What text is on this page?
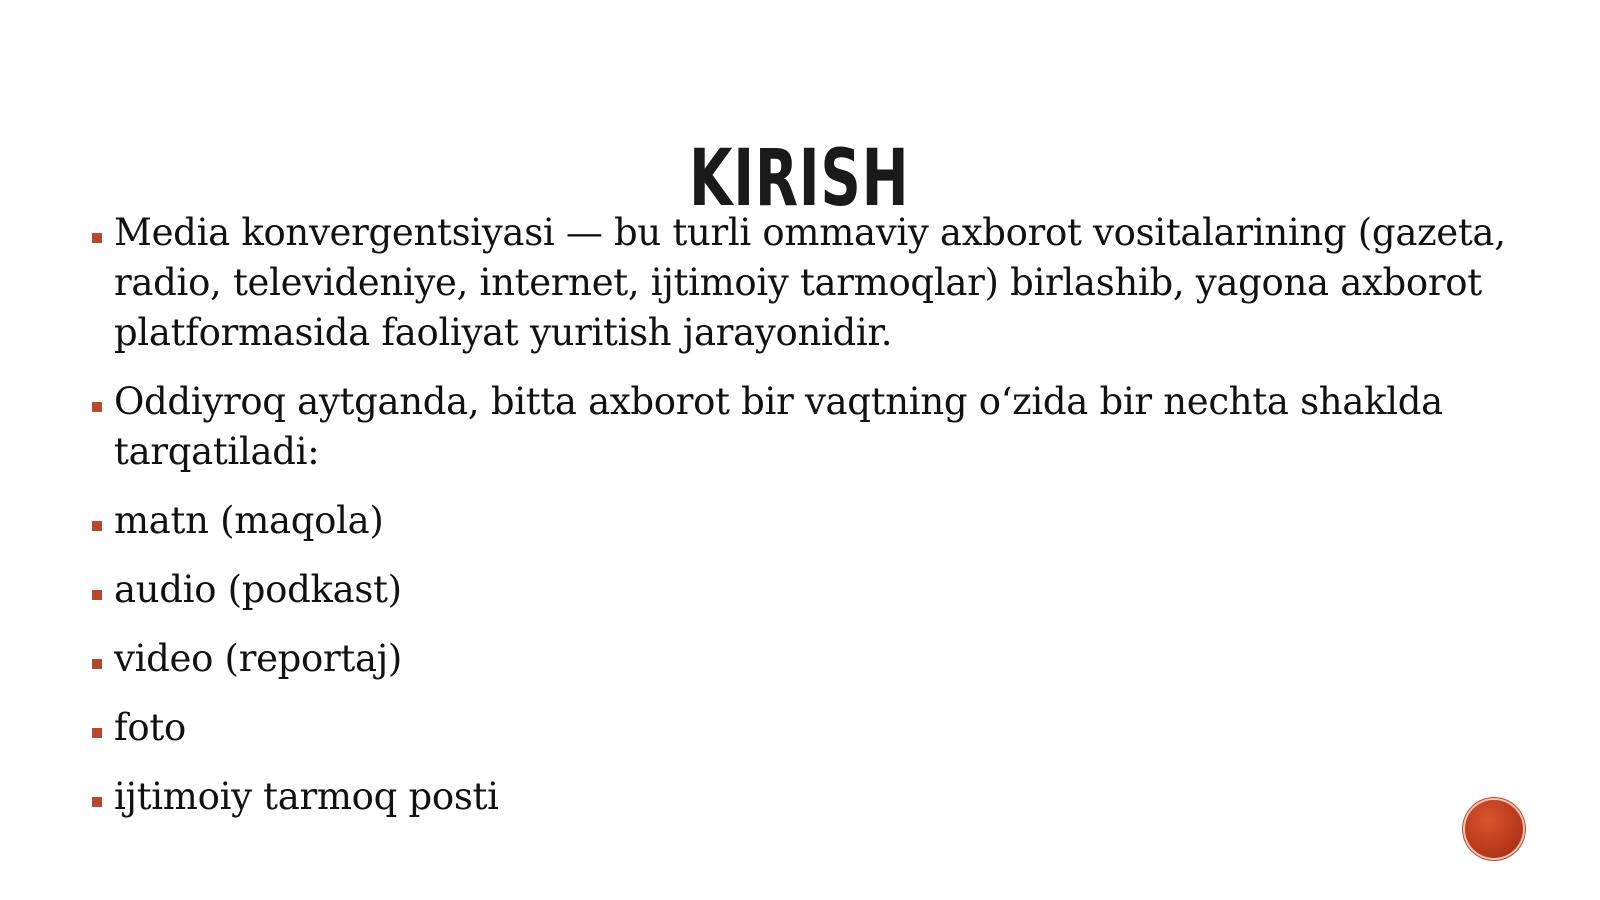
KIRISH
Media konvergentsiyasi — bu turli ommaviy axborot vositalarining (gazeta, radio, televideniye, internet, ijtimoiy tarmoqlar) birlashib, yagona axborot platformasida faoliyat yuritish jarayonidir.
Oddiyroq aytganda, bitta axborot bir vaqtning o‘zida bir nechta shaklda tarqatiladi:
matn (maqola)
audio (podkast)
video (reportaj)
foto
ijtimoiy tarmoq posti
